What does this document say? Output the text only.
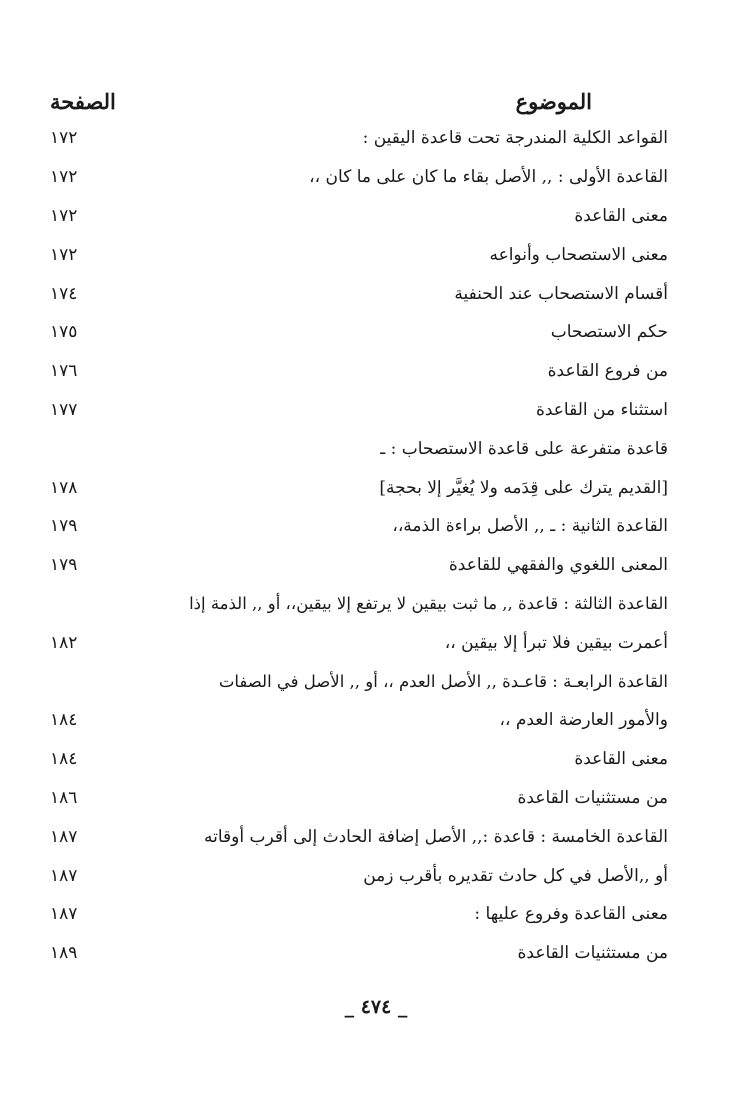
الموضوع
الصفحة
القواعد الكلية المندرجة تحت قاعدة اليقين :
١٧٢
القاعدة الأولى : ,, الأصل بقاء ما كان على ما كان ،،
١٧٢
معنى القاعدة
١٧٢
معنى الاستصحاب وأنواعه
١٧٢
أقسام الاستصحاب عند الحنفية
١٧٤
حكم الاستصحاب
١٧٥
من فروع القاعدة
١٧٦
استثناء من القاعدة
١٧٧
قاعدة متفرعة على قاعدة الاستصحاب : ـ
[القديم يترك على قِدَمه ولا يُغيَّر إلا بحجة]
١٧٨
القاعدة الثانية : ـ ,, الأصل براءة الذمة،،
١٧٩
المعنى اللغوي والفقهي للقاعدة
١٧٩
القاعدة الثالثة : قاعدة ,, ما ثبت بيقين لا يرتفع إلا بيقين،، أو ,, الذمة إذا
أعمرت بيقين فلا تبرأ إلا بيقين ،،
١٨٢
القاعدة الرابعـة : قاعـدة ,, الأصل العدم ،، أو ,, الأصل في الصفات
والأمور العارضة العدم ،،
١٨٤
معنى القاعدة
١٨٤
من مستثنيات القاعدة
١٨٦
القاعدة الخامسة : قاعدة :,, الأصل إضافة الحادث إلى أقرب أوقاته
١٨٧
أو ,,الأصل في كل حادث تقديره بأقرب زمن
١٨٧
معنى القاعدة وفروع عليها :
١٨٧
من مستثنيات القاعدة
١٨٩
_ ٤٧٤ _
